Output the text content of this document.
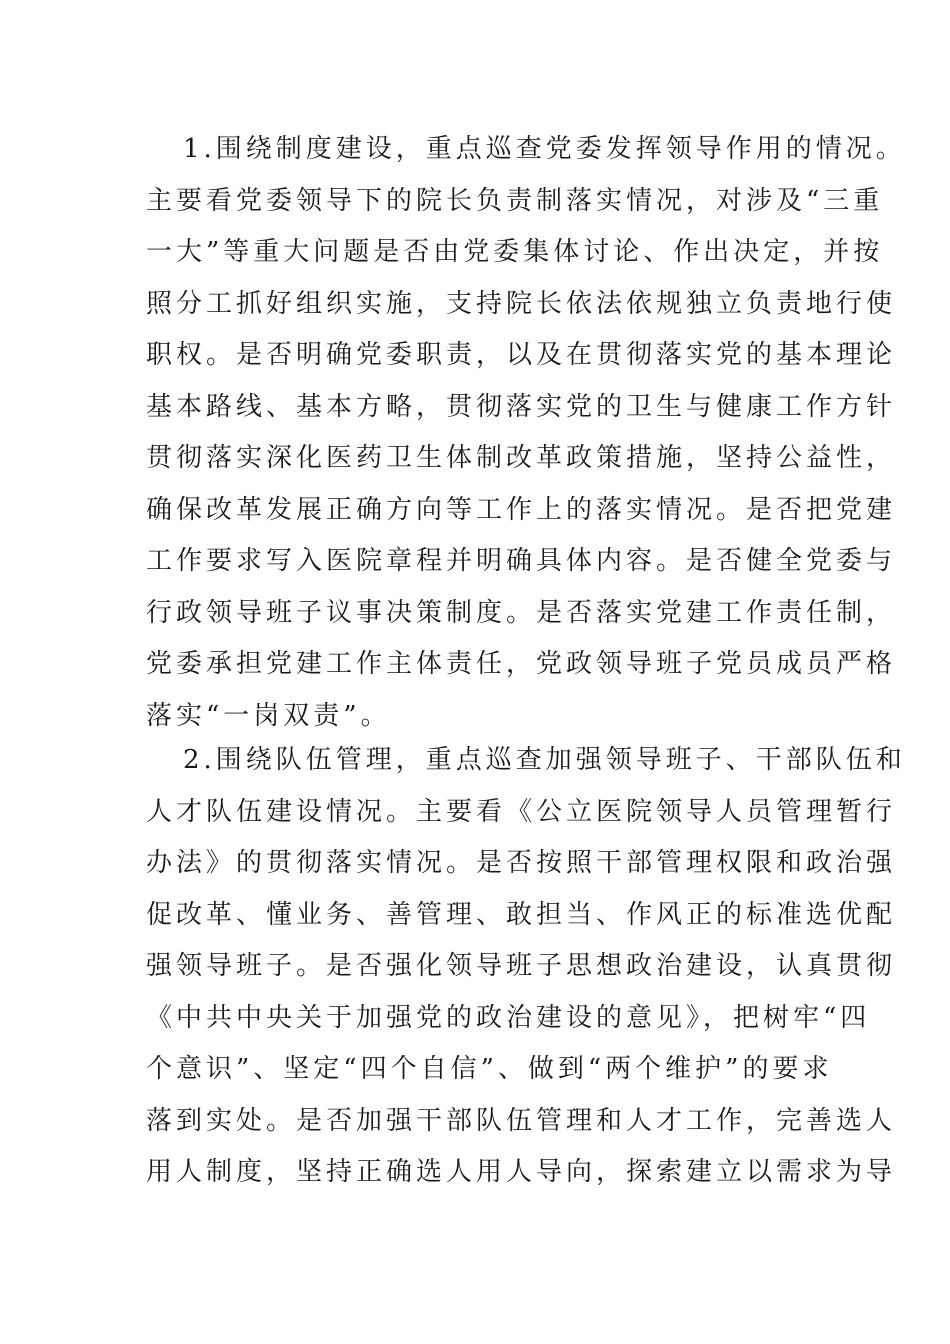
1.围绕制度建设，重点巡查党委发挥领导作用的情况。
主要看党委领导下的院长负责制落实情况，对涉及“三重
一大”等重大问题是否由党委集体讨论、作出决定，并按
照分工抓好组织实施，支持院长依法依规独立负责地行使
职权。是否明确党委职责，以及在贯彻落实党的基本理论
基本路线、基本方略，贯彻落实党的卫生与健康工作方针
贯彻落实深化医药卫生体制改革政策措施，坚持公益性，
确保改革发展正确方向等工作上的落实情况。是否把党建
工作要求写入医院章程并明确具体内容。是否健全党委与
行政领导班子议事决策制度。是否落实党建工作责任制，
党委承担党建工作主体责任，党政领导班子党员成员严格
落实“一岗双责”。
2.围绕队伍管理，重点巡查加强领导班子、干部队伍和
人才队伍建设情况。主要看《公立医院领导人员管理暂行
办法》的贯彻落实情况。是否按照干部管理权限和政治强
促改革、懂业务、善管理、敢担当、作风正的标准选优配
强领导班子。是否强化领导班子思想政治建设，认真贯彻
《中共中央关于加强党的政治建设的意见》，把树牢“四
个意识”、坚定“四个自信”、做到“两个维护”的要求
落到实处。是否加强干部队伍管理和人才工作，完善选人
用人制度，坚持正确选人用人导向，探索建立以需求为导
